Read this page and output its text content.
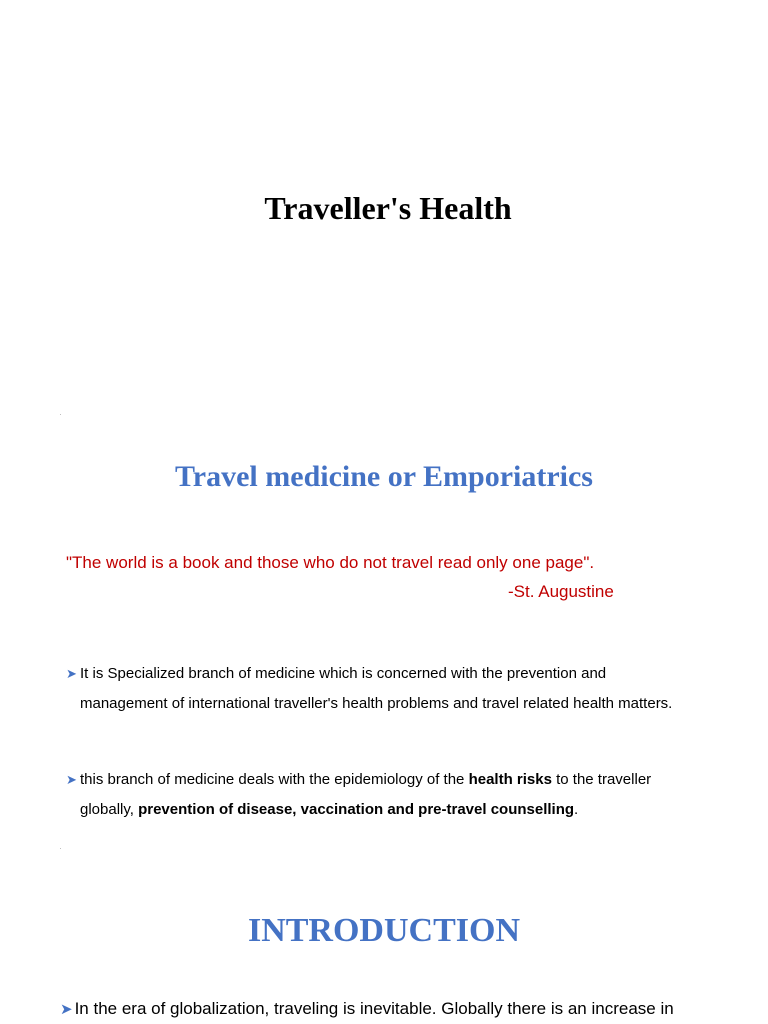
Traveller's Health
Travel medicine or Emporiatrics

"The world is a book and those who do not travel read only one page".

-St. Augustine

➤ It is Specialized branch of medicine which is concerned with the prevention and
management of international traveller's health problems and travel related health matters.
➤ this branch of medicine deals with the epidemiology of the health risks to the traveller
globally, prevention of disease, vaccination and pre-travel counselling.
INTRODUCTION

➤ In the era of globalization, traveling is inevitable. Globally there is an increase in
